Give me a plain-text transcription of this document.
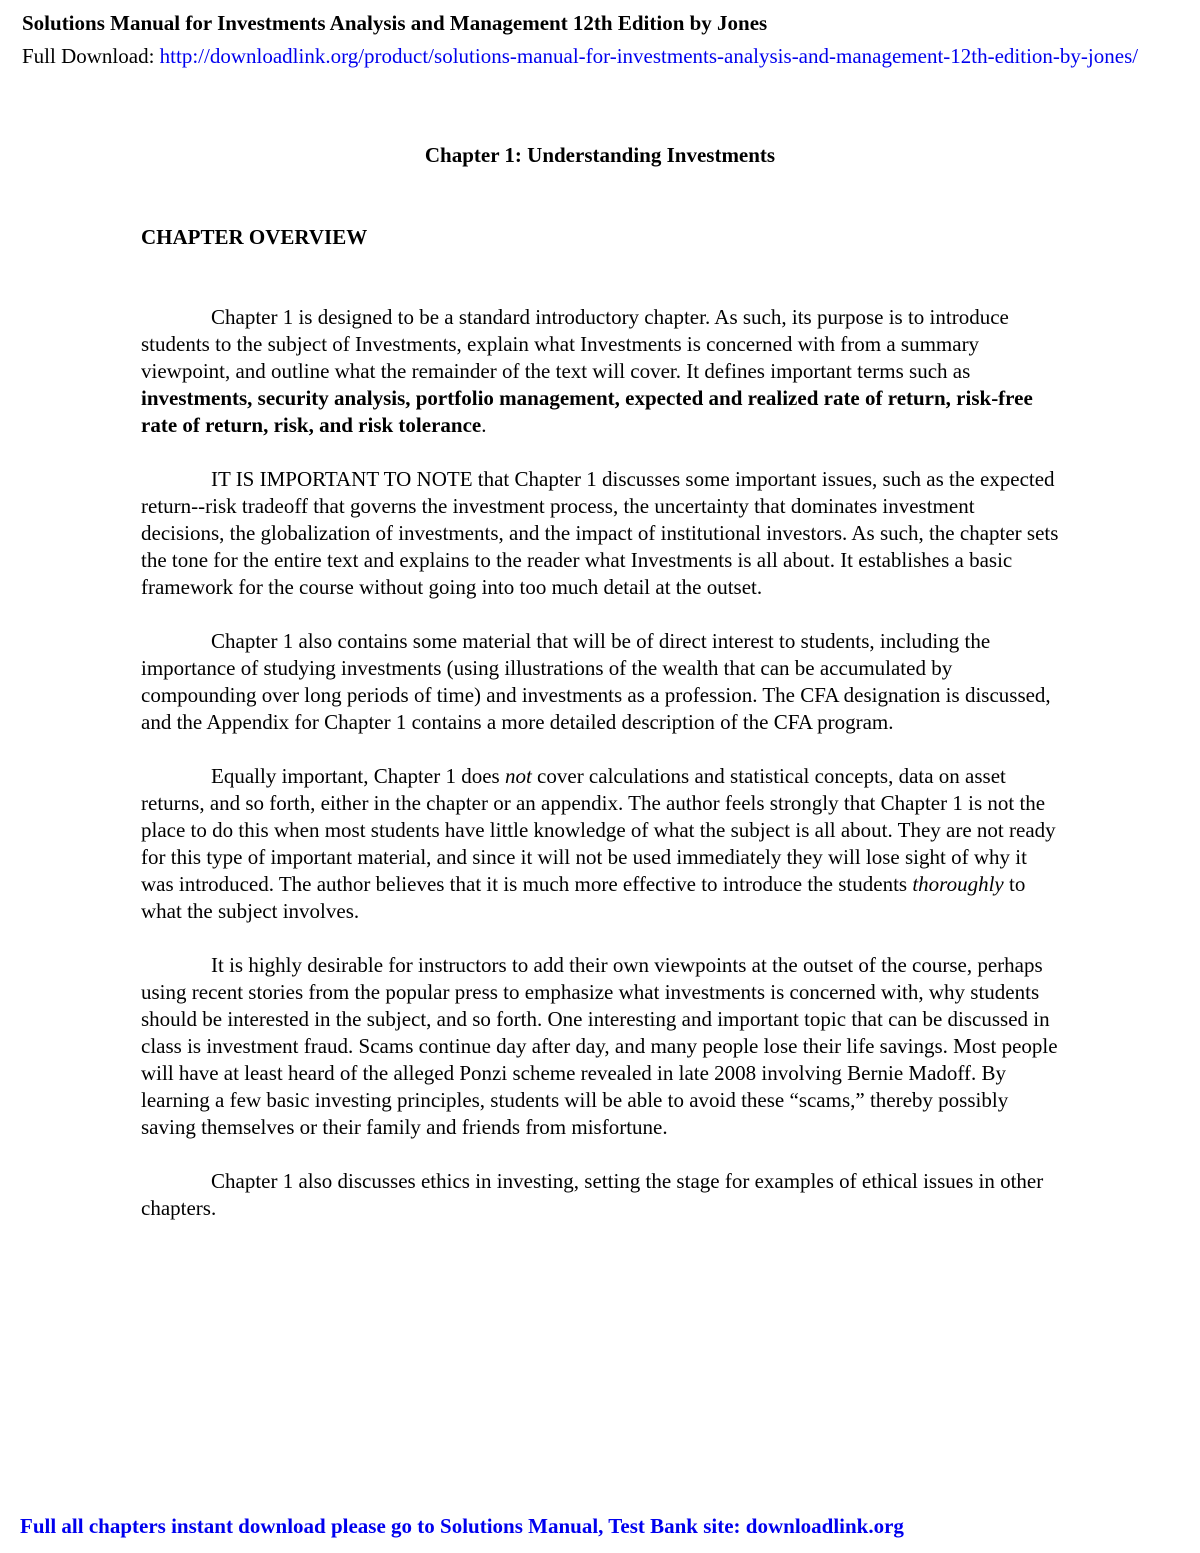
Solutions Manual for Investments Analysis and Management 12th Edition by Jones
Full Download: http://downloadlink.org/product/solutions-manual-for-investments-analysis-and-management-12th-edition-by-jones/
Chapter 1: Understanding Investments
CHAPTER OVERVIEW

Chapter 1 is designed to be a standard introductory chapter. As such, its purpose is to introduce students to the subject of Investments, explain what Investments is concerned with from a summary viewpoint, and outline what the remainder of the text will cover. It defines important terms such as investments, security analysis, portfolio management, expected and realized rate of return, risk-free rate of return, risk, and risk tolerance.

IT IS IMPORTANT TO NOTE that Chapter 1 discusses some important issues, such as the expected return--risk tradeoff that governs the investment process, the uncertainty that dominates investment decisions, the globalization of investments, and the impact of institutional investors. As such, the chapter sets the tone for the entire text and explains to the reader what Investments is all about. It establishes a basic framework for the course without going into too much detail at the outset.

Chapter 1 also contains some material that will be of direct interest to students, including the importance of studying investments (using illustrations of the wealth that can be accumulated by compounding over long periods of time) and investments as a profession. The CFA designation is discussed, and the Appendix for Chapter 1 contains a more detailed description of the CFA program.

Equally important, Chapter 1 does not cover calculations and statistical concepts, data on asset returns, and so forth, either in the chapter or an appendix. The author feels strongly that Chapter 1 is not the place to do this when most students have little knowledge of what the subject is all about. They are not ready for this type of important material, and since it will not be used immediately they will lose sight of why it was introduced. The author believes that it is much more effective to introduce the students thoroughly to what the subject involves.

It is highly desirable for instructors to add their own viewpoints at the outset of the course, perhaps using recent stories from the popular press to emphasize what investments is concerned with, why students should be interested in the subject, and so forth. One interesting and important topic that can be discussed in class is investment fraud. Scams continue day after day, and many people lose their life savings. Most people will have at least heard of the alleged Ponzi scheme revealed in late 2008 involving Bernie Madoff. By learning a few basic investing principles, students will be able to avoid these “scams,” thereby possibly saving themselves or their family and friends from misfortune.

Chapter 1 also discusses ethics in investing, setting the stage for examples of ethical issues in other chapters.

Full all chapters instant download please go to Solutions Manual, Test Bank site: downloadlink.org
